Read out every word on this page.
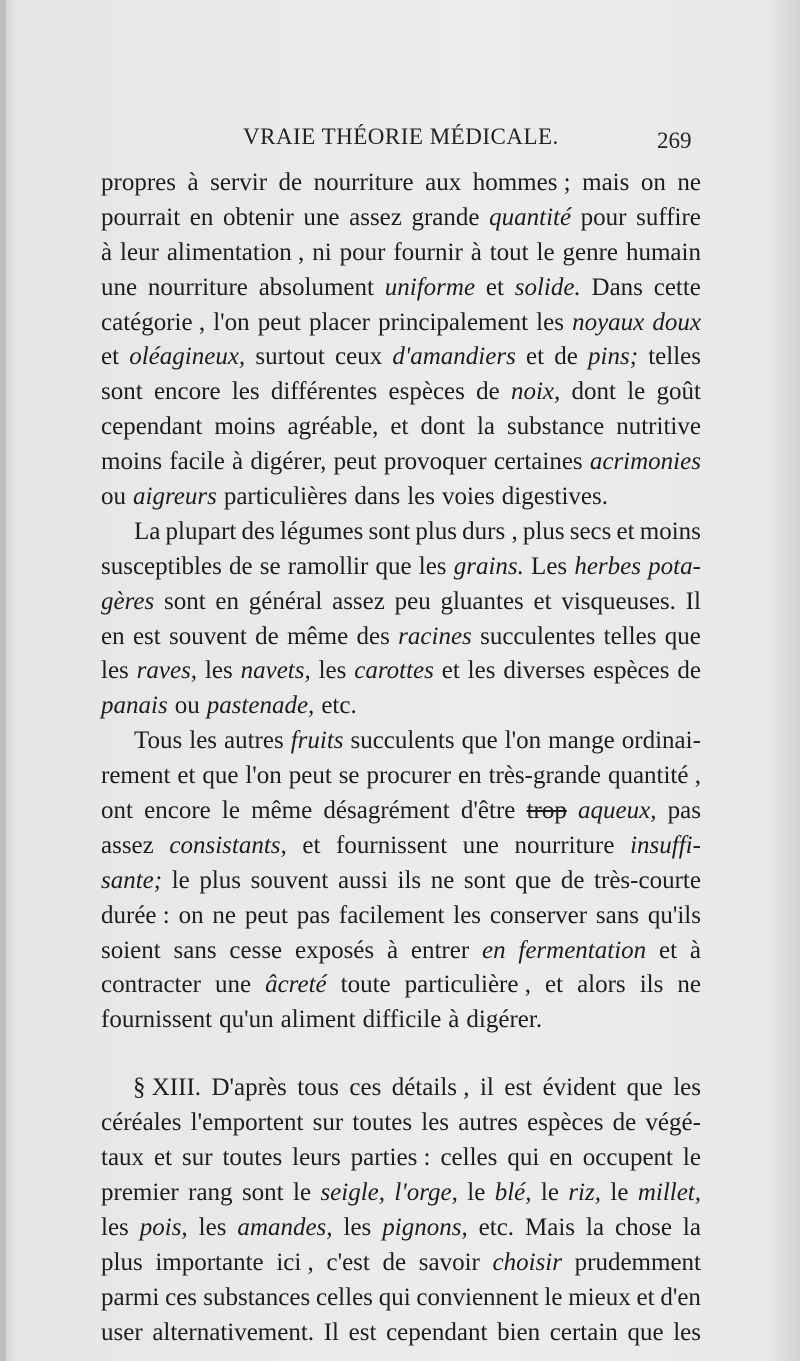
VRAIE THÉORIE MÉDICALE.	269
propres à servir de nourriture aux hommes ; mais on ne
pourrait en obtenir une assez grande quantité pour suffire
à leur alimentation , ni pour fournir à tout le genre humain
une nourriture absolument uniforme et solide. Dans cette
catégorie , l'on peut placer principalement les noyaux doux
et oléagineux, surtout ceux d'amandiers et de pins; telles
sont encore les différentes espèces de noix, dont le goût
cependant moins agréable, et dont la substance nutritive
moins facile à digérer, peut provoquer certaines acrimonies
ou aigreurs particulières dans les voies digestives.
La plupart des légumes sont plus durs , plus secs et moins
susceptibles de se ramollir que les grains. Les herbes pota-
gères sont en général assez peu gluantes et visqueuses. Il
en est souvent de même des racines succulentes telles que
les raves, les navets, les carottes et les diverses espèces de
panais ou pastenade, etc.
Tous les autres fruits succulents que l'on mange ordinai-
rement et que l'on peut se procurer en très-grande quantité ,
ont encore le même désagrément d'être trop aqueux, pas
assez consistants, et fournissent une nourriture insuffi-
sante; le plus souvent aussi ils ne sont que de très-courte
durée : on ne peut pas facilement les conserver sans qu'ils
soient sans cesse exposés à entrer en fermentation et à
contracter une âcreté toute particulière , et alors ils ne
fournissent qu'un aliment difficile à digérer.
§ XIII. D'après tous ces détails , il est évident que les
céréales l'emportent sur toutes les autres espèces de végé-
taux et sur toutes leurs parties : celles qui en occupent le
premier rang sont le seigle, l'orge, le blé, le riz, le millet,
les pois, les amandes, les pignons, etc. Mais la chose la
plus importante ici , c'est de savoir choisir prudemment
parmi ces substances celles qui conviennent le mieux et d'en
user alternativement. Il est cependant bien certain que les
